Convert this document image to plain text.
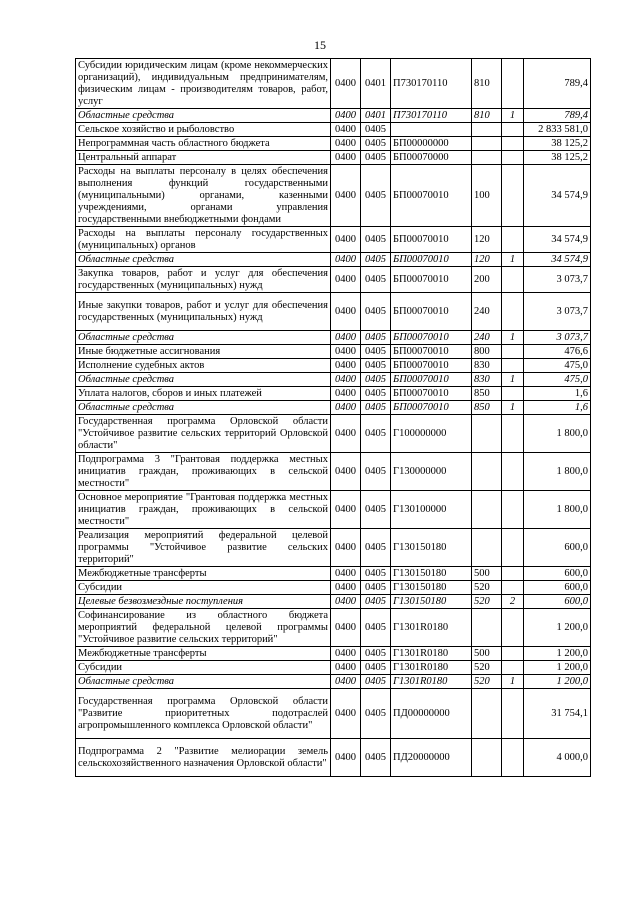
15
Субсидии юридическим лицам (кроме некоммерческих организаций), индивидуальным предпринимателям, физическим лицам - производителям товаров, работ, услуг	0400	0401	П730170110	810		789,4
Областные средства	0400	0401	П730170110	810	1	789,4
Сельское хозяйство и рыболовство	0400	0405				2 833 581,0
Непрограммная часть областного бюджета	0400	0405	БП00000000			38 125,2
Центральный аппарат	0400	0405	БП00070000			38 125,2
Расходы на выплаты персоналу в целях обеспечения выполнения функций государственными (муниципальными) органами, казенными учреждениями, органами управления государственными внебюджетными фондами	0400	0405	БП00070010	100		34 574,9
Расходы на выплаты персоналу государственных (муниципальных) органов	0400	0405	БП00070010	120		34 574,9
Областные средства	0400	0405	БП00070010	120	1	34 574,9
Закупка товаров, работ и услуг для обеспечения государственных (муниципальных) нужд	0400	0405	БП00070010	200		3 073,7
Иные закупки товаров, работ и услуг для обеспечения государственных (муниципальных) нужд	0400	0405	БП00070010	240		3 073,7
Областные средства	0400	0405	БП00070010	240	1	3 073,7
Иные бюджетные ассигнования	0400	0405	БП00070010	800		476,6
Исполнение судебных актов	0400	0405	БП00070010	830		475,0
Областные средства	0400	0405	БП00070010	830	1	475,0
Уплата налогов, сборов и иных платежей	0400	0405	БП00070010	850		1,6
Областные средства	0400	0405	БП00070010	850	1	1,6
Государственная программа Орловской области "Устойчивое развитие сельских территорий Орловской области"	0400	0405	Г100000000			1 800,0
Подпрограмма 3 "Грантовая поддержка местных инициатив граждан, проживающих в сельской местности"	0400	0405	Г130000000			1 800,0
Основное мероприятие "Грантовая поддержка местных инициатив граждан, проживающих в сельской местности"	0400	0405	Г130100000			1 800,0
Реализация мероприятий федеральной целевой программы "Устойчивое развитие сельских территорий"	0400	0405	Г130150180			600,0
Межбюджетные трансферты	0400	0405	Г130150180	500		600,0
Субсидии	0400	0405	Г130150180	520		600,0
Целевые безвозмездные поступления	0400	0405	Г130150180	520	2	600,0
Софинансирование из областного бюджета мероприятий федеральной целевой программы "Устойчивое развитие сельских территорий"	0400	0405	Г1301R0180			1 200,0
Межбюджетные трансферты	0400	0405	Г1301R0180	500		1 200,0
Субсидии	0400	0405	Г1301R0180	520		1 200,0
Областные средства	0400	0405	Г1301R0180	520	1	1 200,0
Государственная программа Орловской области "Развитие приоритетных подотраслей агропромышленного комплекса Орловской области"	0400	0405	ПД00000000			31 754,1
Подпрограмма 2 "Развитие мелиорации земель сельскохозяйственного назначения Орловской области"	0400	0405	ПД20000000			4 000,0
